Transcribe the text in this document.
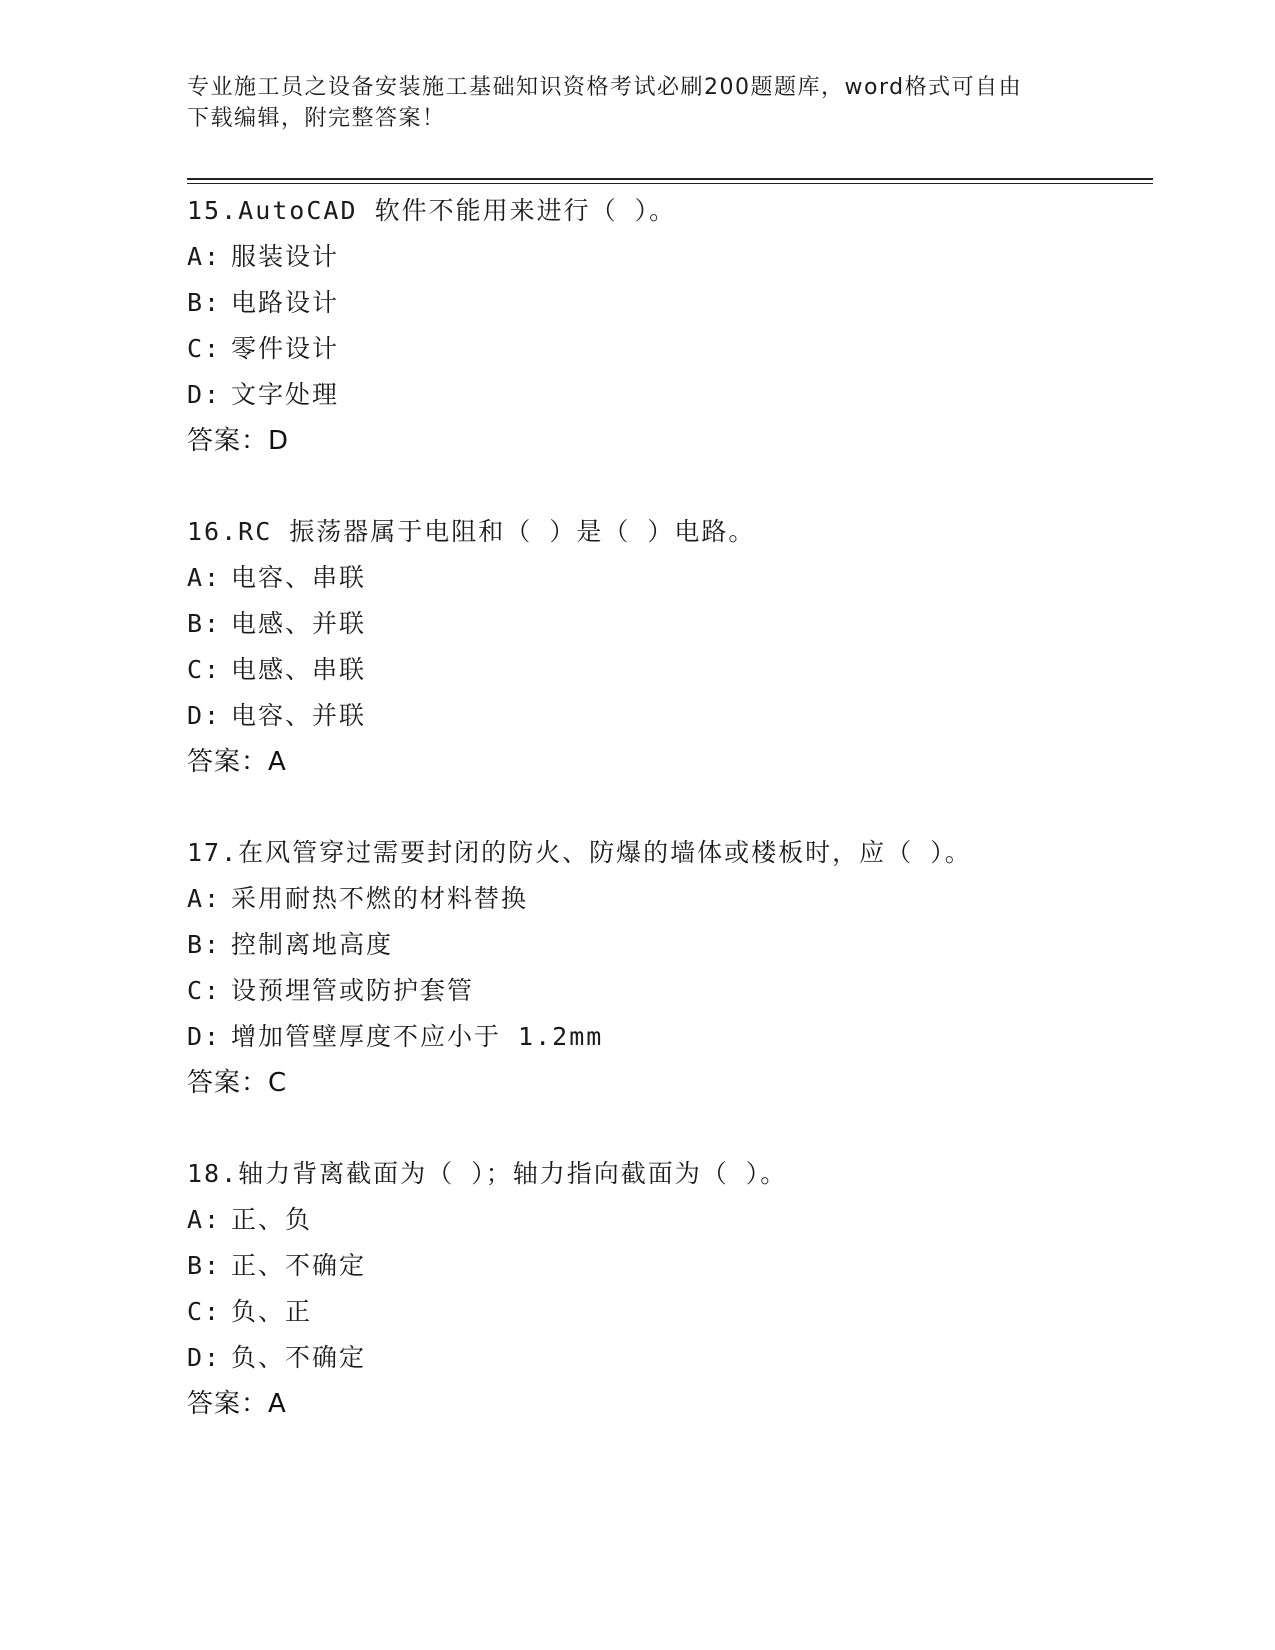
专业施工员之设备安装施工基础知识资格考试必刷200题题库，word格式可自由
下载编辑，附完整答案！
15.AutoCAD 软件不能用来进行（ ）。
A: 服装设计
B: 电路设计
C: 零件设计
D: 文字处理
答案：D
16.RC 振荡器属于电阻和（ ）是（ ）电路。
A: 电容、串联
B: 电感、并联
C: 电感、串联
D: 电容、并联
答案：A
17.在风管穿过需要封闭的防火、防爆的墙体或楼板时，应（ ）。
A: 采用耐热不燃的材料替换
B: 控制离地高度
C: 设预埋管或防护套管
D: 增加管壁厚度不应小于 1.2mm
答案：C
18.轴力背离截面为（ ）；轴力指向截面为（ ）。
A: 正、负
B: 正、不确定
C: 负、正
D: 负、不确定
答案：A
